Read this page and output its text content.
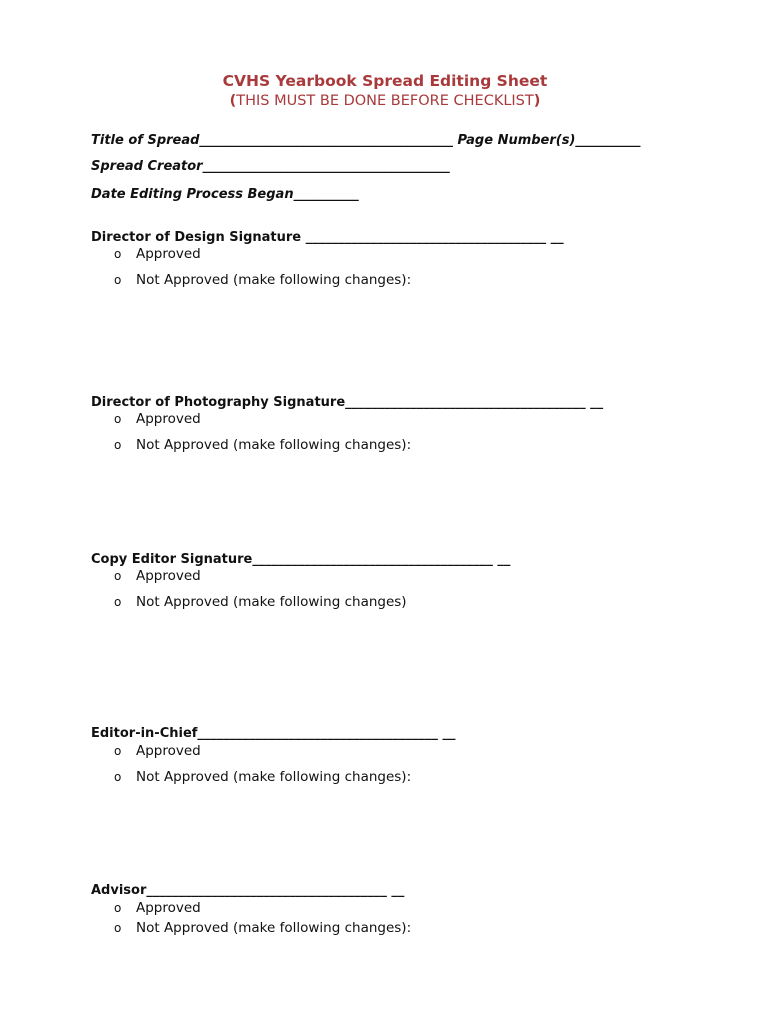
CVHS Yearbook Spread Editing Sheet
(THIS MUST BE DONE BEFORE CHECKLIST)
Title of Spread_______________________________________ Page Number(s)__________
Spread Creator______________________________________
Date Editing Process Began__________
Director of Design Signature _____________________________________ __
o Approved
o Not Approved (make following changes):
Director of Photography Signature_____________________________________ __
o Approved
o Not Approved (make following changes):
Copy Editor Signature_____________________________________ __
o Approved
o Not Approved (make following changes)
Editor-in-Chief_____________________________________ __
o Approved
o Not Approved (make following changes):
Advisor_____________________________________ __
o Approved
o Not Approved (make following changes):
